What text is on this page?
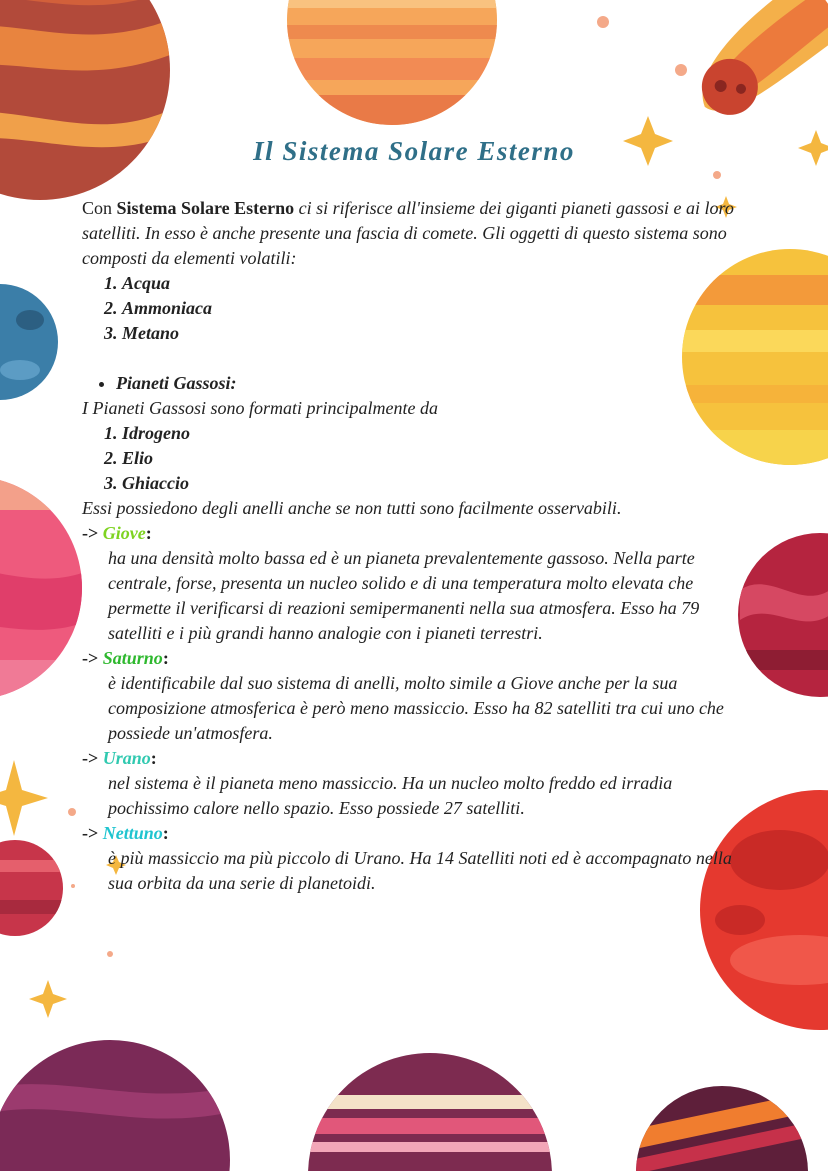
Il Sistema Solare Esterno

Con Sistema Solare Esterno ci si riferisce all'insieme dei giganti pianeti gassosi e ai loro satelliti. In esso è anche presente una fascia di comete. Gli oggetti di questo sistema sono composti da elementi volatili:

1. Acqua
2. Ammoniaca
3. Metano
• Pianeti Gassosi:

I Pianeti Gassosi sono formati principalmente da

1. Idrogeno
2. Elio
3. Ghiaccio

Essi possiedono degli anelli anche se non tutti sono facilmente osservabili.

-> Giove:

ha una densità molto bassa ed è un pianeta prevalentemente gassoso. Nella parte centrale, forse, presenta un nucleo solido e di una temperatura molto elevata che permette il verificarsi di reazioni semipermanenti nella sua atmosfera. Esso ha 79 satelliti e i più grandi hanno analogie con i pianeti terrestri.

-> Saturno:

è identificabile dal suo sistema di anelli, molto simile a Giove anche per la sua composizione atmosferica è però meno massiccio. Esso ha 82 satelliti tra cui uno che possiede un'atmosfera.

-> Urano:

nel sistema è il pianeta meno massiccio. Ha un nucleo molto freddo ed irradia pochissimo calore nello spazio. Esso possiede 27 satelliti.

-> Nettuno:

è più massiccio ma più piccolo di Urano. Ha 14 Satelliti noti ed è accompagnato nella sua orbita da una serie di planetoidi.
